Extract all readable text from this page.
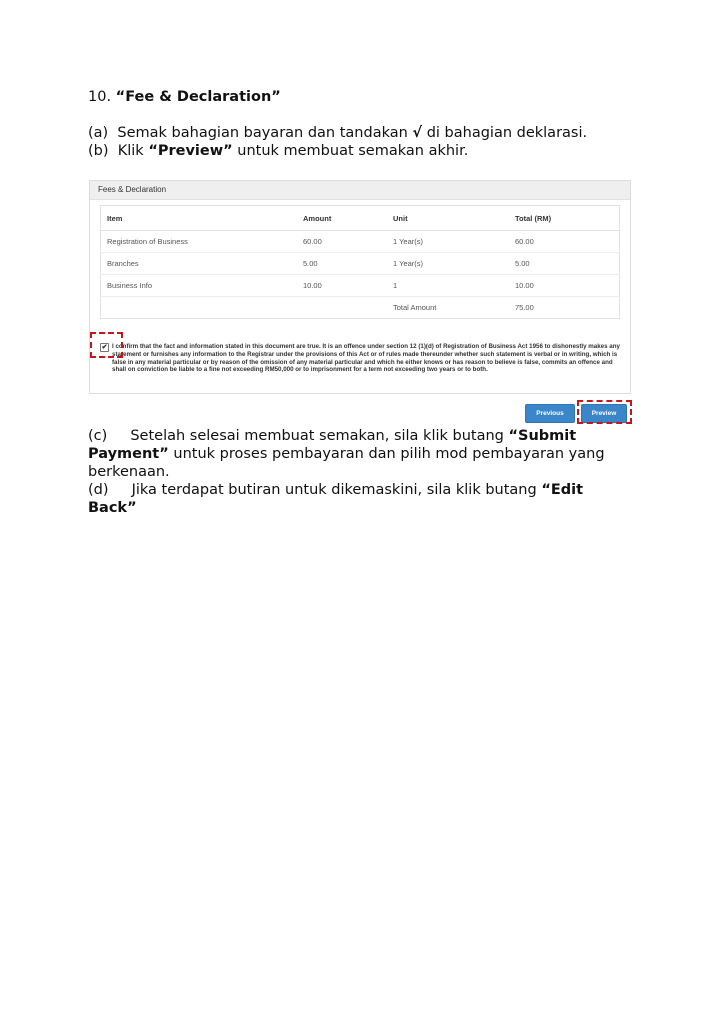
10. “Fee & Declaration”
(a)  Semak bahagian bayaran dan tandakan √ di bahagian deklarasi.
(b)  Klik “Preview” untuk membuat semakan akhir.
Fees & Declaration
Item	Amount	Unit	Total (RM)
Registration of Business	60.00	1 Year(s)	60.00
Branches	5.00	1 Year(s)	5.00
Business Info	10.00	1	10.00
		Total Amount	75.00
✔ I confirm that the fact and information stated in this document are true. It is an offence under section 12 (1)(d) of Registration of Business Act 1956 to dishonestly makes any statement or furnishes any information to the Registrar under the provisions of this Act or of rules made thereunder whether such statement is verbal or in writing, which is false in any material particular or by reason of the omission of any material particular and which he either knows or has reason to believe is false, commits an offence and shall on conviction be liable to a fine not exceeding RM50,000 or to imprisonment for a term not exceeding two years or to both.
Previous	Preview
(c)     Setelah selesai membuat semakan, sila klik butang “Submit
Payment” untuk proses pembayaran dan pilih mod pembayaran yang
berkenaan.
(d)     Jika terdapat butiran untuk dikemaskini, sila klik butang “Edit
Back”
